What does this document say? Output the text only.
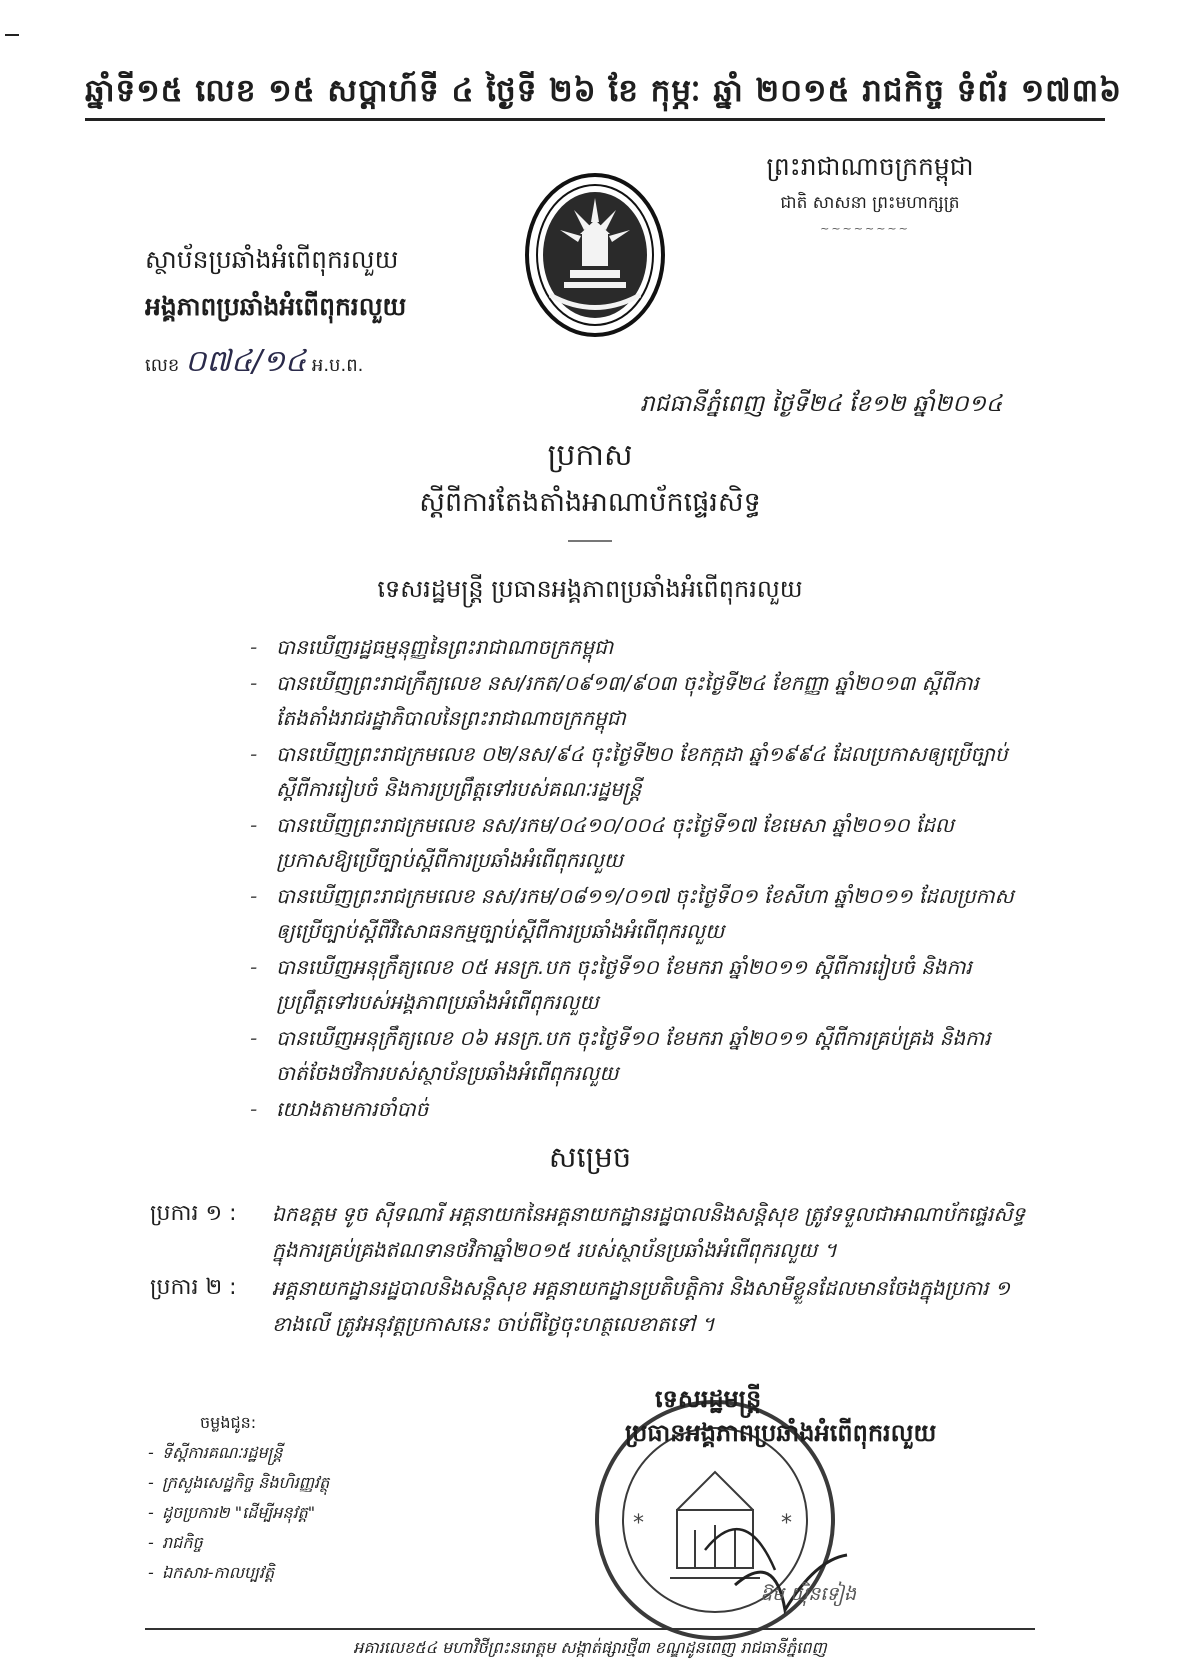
ឆ្នាំទី១៥ លេខ ១៥ សប្តាហ៍ទី ៤ ថ្ងៃទី ២៦ ខែ កុម្ភៈ ឆ្នាំ ២០១៥ រាជកិច្ច ទំព័រ ១៧៣៦
ព្រះរាជាណាចក្រកម្ពុជា
ជាតិ សាសនា ព្រះមហាក្សត្រ
~~~~~~~~
ស្ថាប័នប្រឆាំងអំពើពុករលួយ
អង្គភាពប្រឆាំងអំពើពុករលួយ
លេខ ០៧៤/១៤ អ.ប.ព.
រាជធានីភ្នំពេញ ថ្ងៃទី២៤ ខែ១២ ឆ្នាំ២០១៤
ប្រកាស
ស្ដីពីការតែងតាំងអាណាប័កផ្ទេរសិទ្ធ
ទេសរដ្ឋមន្ត្រី ប្រធានអង្គភាពប្រឆាំងអំពើពុករលួយ
- បានឃើញរដ្ឋធម្មនុញ្ញនៃព្រះរាជាណាចក្រកម្ពុជា
- បានឃើញព្រះរាជក្រឹត្យលេខ នស/រកត/០៩១៣/៩០៣ ចុះថ្ងៃទី២៤ ខែកញ្ញា ឆ្នាំ២០១៣ ស្ដីពីការតែងតាំងរាជរដ្ឋាភិបាលនៃព្រះរាជាណាចក្រកម្ពុជា
- បានឃើញព្រះរាជក្រមលេខ ០២/នស/៩៤ ចុះថ្ងៃទី២០ ខែកក្កដា ឆ្នាំ១៩៩៤ ដែលប្រកាសឲ្យប្រើច្បាប់ស្ដីពីការរៀបចំ និងការប្រព្រឹត្តទៅរបស់គណៈរដ្ឋមន្ត្រី
- បានឃើញព្រះរាជក្រមលេខ នស/រកម/០៤១០/០០៤ ចុះថ្ងៃទី១៧ ខែមេសា ឆ្នាំ២០១០ ដែលប្រកាសឱ្យប្រើច្បាប់ស្ដីពីការប្រឆាំងអំពើពុករលួយ
- បានឃើញព្រះរាជក្រមលេខ នស/រកម/០៨១១/០១៧ ចុះថ្ងៃទី០១ ខែសីហា ឆ្នាំ២០១១ ដែលប្រកាសឲ្យប្រើច្បាប់ស្ដីពីវិសោធនកម្មច្បាប់ស្ដីពីការប្រឆាំងអំពើពុករលួយ
- បានឃើញអនុក្រឹត្យលេខ ០៥ អនក្រ.បក ចុះថ្ងៃទី១០ ខែមករា ឆ្នាំ២០១១ ស្ដីពីការរៀបចំ និងការប្រព្រឹត្តទៅរបស់អង្គភាពប្រឆាំងអំពើពុករលួយ
- បានឃើញអនុក្រឹត្យលេខ ០៦ អនក្រ.បក ចុះថ្ងៃទី១០ ខែមករា ឆ្នាំ២០១១ ស្ដីពីការគ្រប់គ្រង និងការចាត់ចែងថវិការបស់ស្ថាប័នប្រឆាំងអំពើពុករលួយ
- យោងតាមការចាំបាច់
សម្រេច
ប្រការ ១ : ឯកឧត្តម ទូច ស៊ីទណារី អគ្គនាយកនៃអគ្គនាយកដ្ឋានរដ្ឋបាលនិងសន្តិសុខ ត្រូវទទួលជាអាណាប័កផ្ទេរសិទ្ធក្នុងការគ្រប់គ្រងឥណទានថវិកាឆ្នាំ២០១៥ របស់ស្ថាប័នប្រឆាំងអំពើពុករលួយ ។
ប្រការ ២ : អគ្គនាយកដ្ឋានរដ្ឋបាលនិងសន្តិសុខ អគ្គនាយកដ្ឋានប្រតិបត្តិការ និងសាមីខ្លួនដែលមានចែងក្នុងប្រការ ១ ខាងលើ ត្រូវអនុវត្តប្រកាសនេះ ចាប់ពីថ្ងៃចុះហត្ថលេខាតទៅ ។
*	*
ទេសរដ្ឋមន្ត្រី
ប្រធានអង្គភាពប្រឆាំងអំពើពុករលួយ
ឱម យ៉ិនទៀង
ចម្លងជូន:
- ទីស្ដីការគណៈរដ្ឋមន្ត្រី
- ក្រសួងសេដ្ឋកិច្ច និងហិរញ្ញវត្ថុ
- ដូចប្រការ២ "ដើម្បីអនុវត្ត"
- រាជកិច្ច
- ឯកសារ-កាលប្បវត្តិ
អគារលេខ៥៤ មហាវិថីព្រះនរោត្តម សង្កាត់ផ្សារថ្មី៣ ខណ្ឌដូនពេញ រាជធានីភ្នំពេញ
